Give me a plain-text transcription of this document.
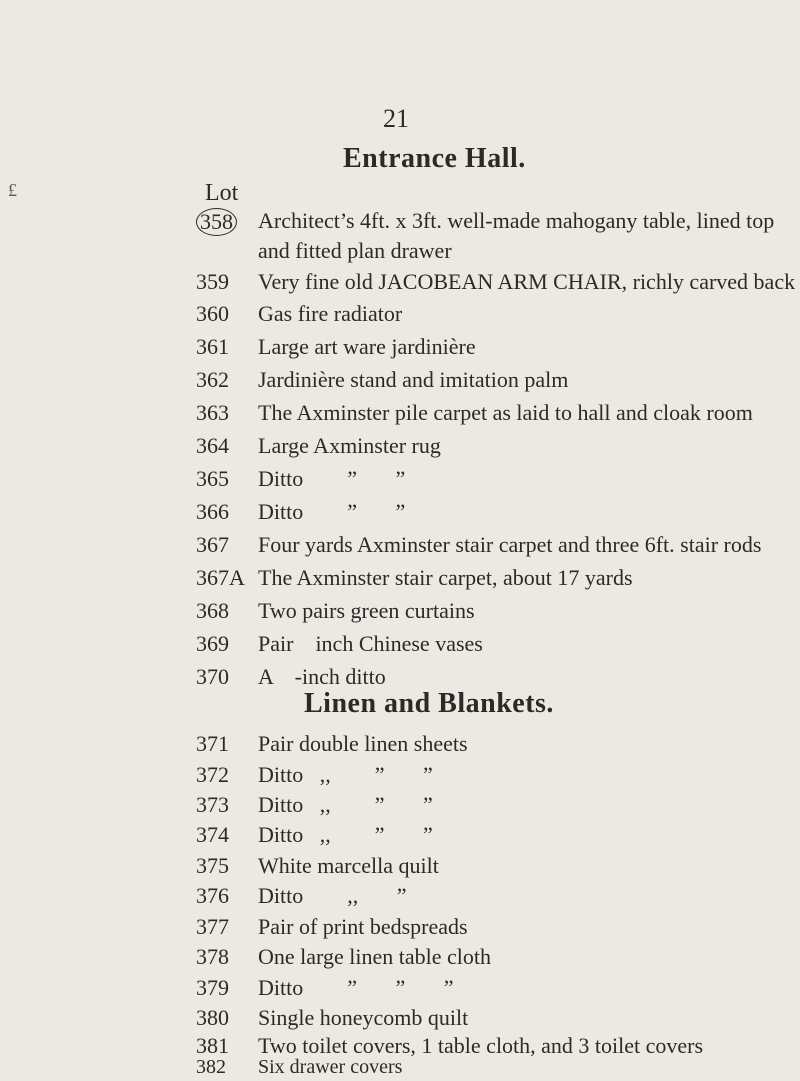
21
£
Entrance Hall.
Lot
358	Architect’s 4ft. x 3ft. well-made mahogany table, lined top
and fitted plan drawer
359	Very fine old JACOBEAN ARM CHAIR, richly carved back
360	Gas fire radiator
361	Large art ware jardinière
362	Jardinière stand and imitation palm
363	The Axminster pile carpet as laid to hall and cloak room
364	Large Axminster rug
365	Ditto        ”       ”
366	Ditto        ”       ”
367	Four yards Axminster stair carpet and three 6ft. stair rods
367A The Axminster stair carpet, about 17 yards
368	Two pairs green curtains
369	Pair    inch Chinese vases
370	A    -inch ditto
Linen and Blankets.
371	Pair double linen sheets
372	Ditto   ,,        ”       ”
373	Ditto   ,,        ”       ”
374	Ditto   ,,        ”       ”
375	White marcella quilt
376	Ditto        ,,       ”
377	Pair of print bedspreads
378	One large linen table cloth
379	Ditto        ”       ”       ”
380	Single honeycomb quilt
381	Two toilet covers, 1 table cloth, and 3 toilet covers
382	Six drawer covers
